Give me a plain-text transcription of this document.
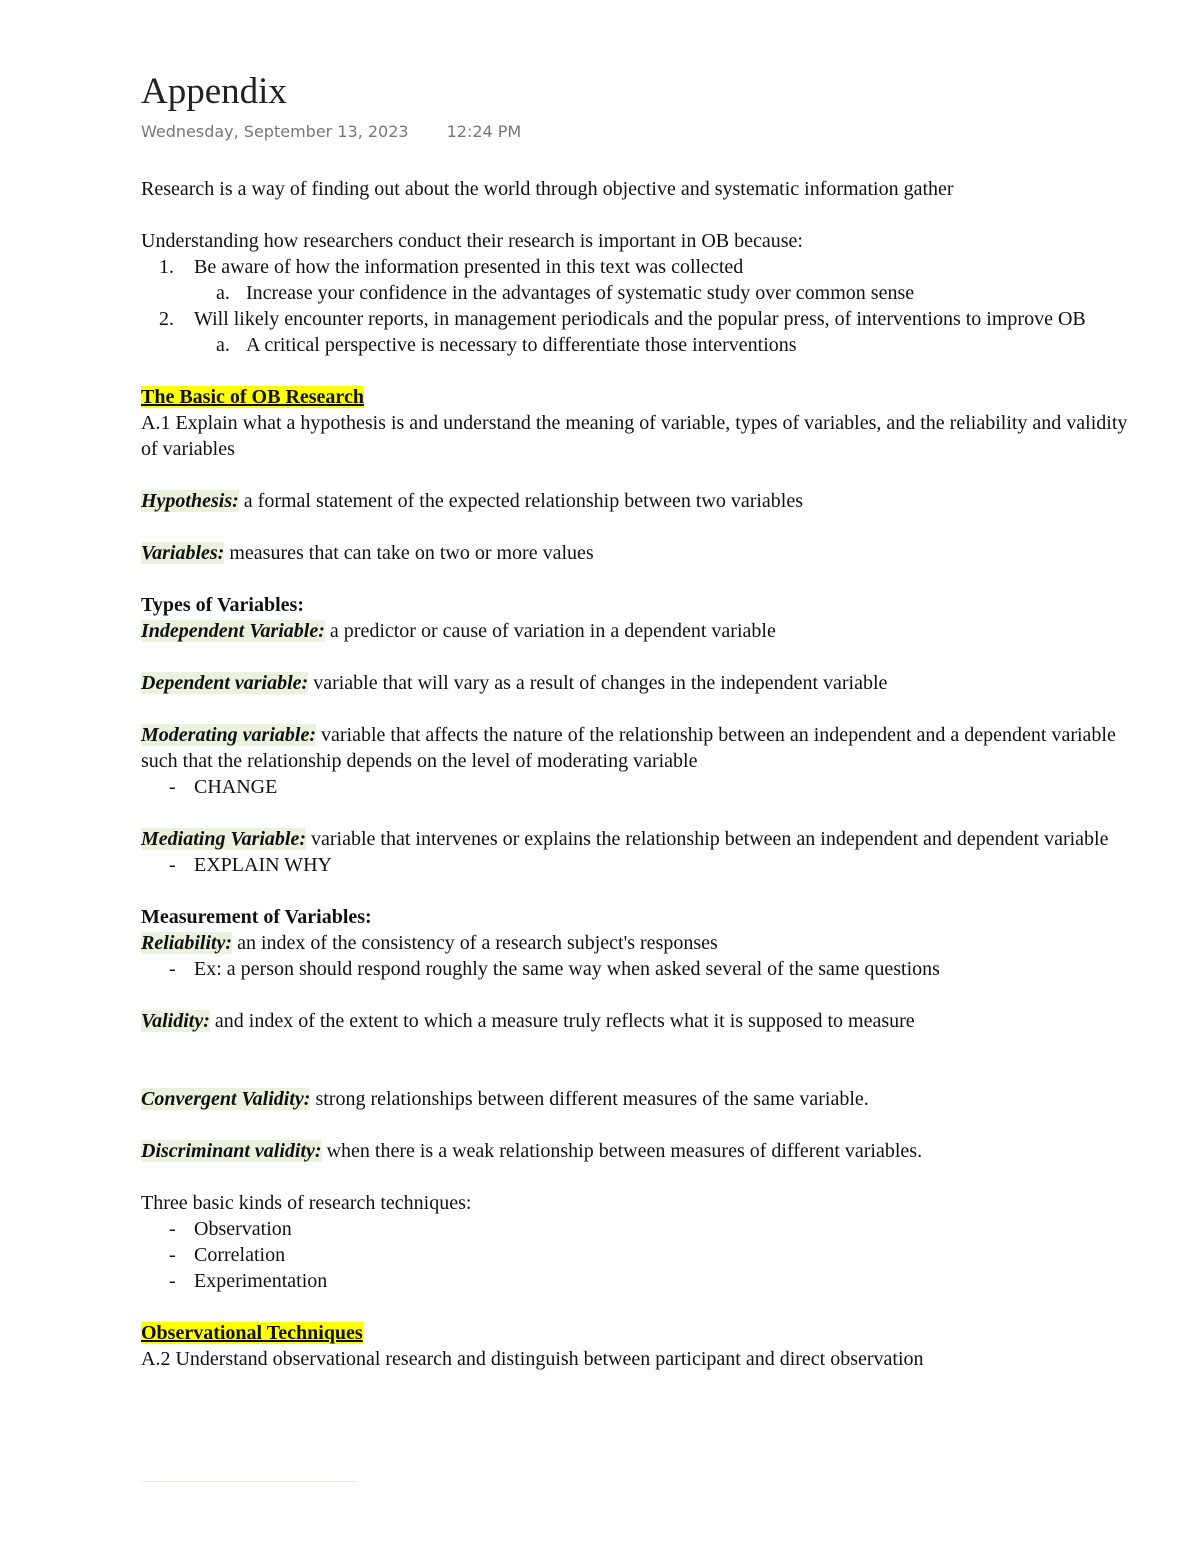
Appendix
Wednesday, September 13, 2023 12:24 PM

Research is a way of finding out about the world through objective and systematic information gather

Understanding how researchers conduct their research is important in OB because:

1. Be aware of how the information presented in this text was collected
a. Increase your confidence in the advantages of systematic study over common sense
2. Will likely encounter reports, in management periodicals and the popular press, of interventions to improve OB
a. A critical perspective is necessary to differentiate those interventions

The Basic of OB Research

A.1 Explain what a hypothesis is and understand the meaning of variable, types of variables, and the reliability and validity of variables

Hypothesis: a formal statement of the expected relationship between two variables

Variables: measures that can take on two or more values

Types of Variables:

Independent Variable: a predictor or cause of variation in a dependent variable

Dependent variable: variable that will vary as a result of changes in the independent variable

Moderating variable: variable that affects the nature of the relationship between an independent and a dependent variable such that the relationship depends on the level of moderating variable

- CHANGE

Mediating Variable: variable that intervenes or explains the relationship between an independent and dependent variable

- EXPLAIN WHY

Measurement of Variables:

Reliability: an index of the consistency of a research subject's responses

- Ex: a person should respond roughly the same way when asked several of the same questions

Validity: and index of the extent to which a measure truly reflects what it is supposed to measure

Convergent Validity: strong relationships between different measures of the same variable.

Discriminant validity: when there is a weak relationship between measures of different variables.

Three basic kinds of research techniques:

- Observation
- Correlation
- Experimentation

Observational Techniques

A.2 Understand observational research and distinguish between participant and direct observation
